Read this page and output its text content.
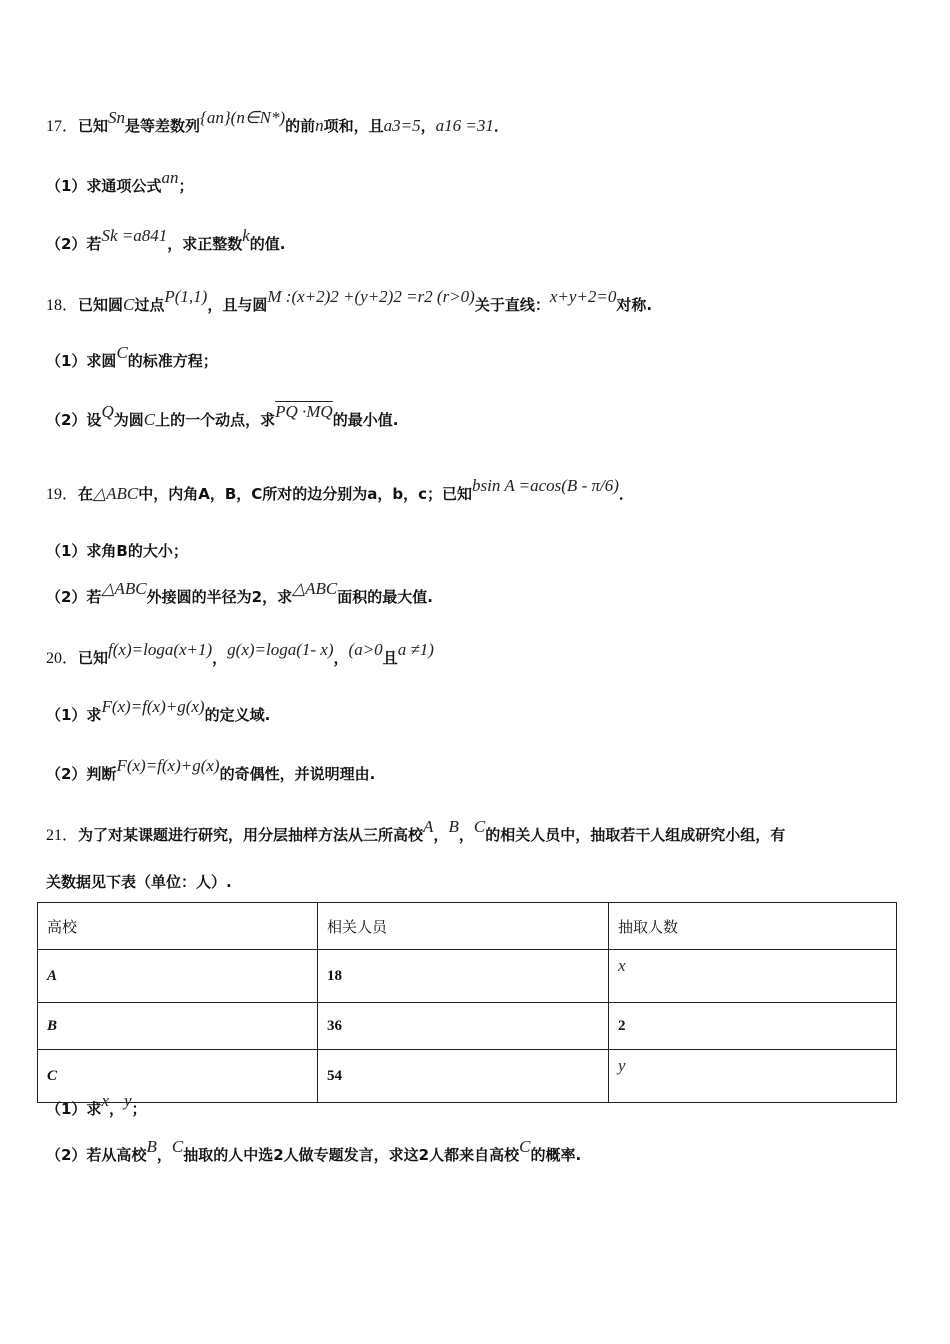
17．已知Sn是等差数列{an}(n∈N*)的前n项和，且a3=5，a16 =31．
（1）求通项公式an；
（2）若Sk =a841，求正整数k的值.
18．已知圆C过点P(1,1)，且与圆M :(x+2)2 +(y+2)2 =r2 (r>0)关于直线：x+y+2=0对称.
（1）求圆C的标准方程；
（2）设Q为圆C上的一个动点，求PQ ·MQ的最小值.
19．在△ABC中，内角A，B，C所对的边分别为a，b，c；已知bsin A =acos(B - π/6)．
（1）求角B的大小；
（2）若△ABC外接圆的半径为2，求△ABC面积的最大值.
20．已知f(x)=loga(x+1)，g(x)=loga(1- x)，(a>0且a ≠1)
（1）求F(x)=f(x)+g(x)的定义域.
（2）判断F(x)=f(x)+g(x)的奇偶性，并说明理由.
21．为了对某课题进行研究，用分层抽样方法从三所高校A，B，C的相关人员中，抽取若干人组成研究小组，有
关数据见下表（单位：人）.
高校	相关人员	抽取人数
A	18	x
B	36	2
C	54	y
（1）求x，y；
（2）若从高校B，C抽取的人中选2人做专题发言，求这2人都来自高校C的概率.
